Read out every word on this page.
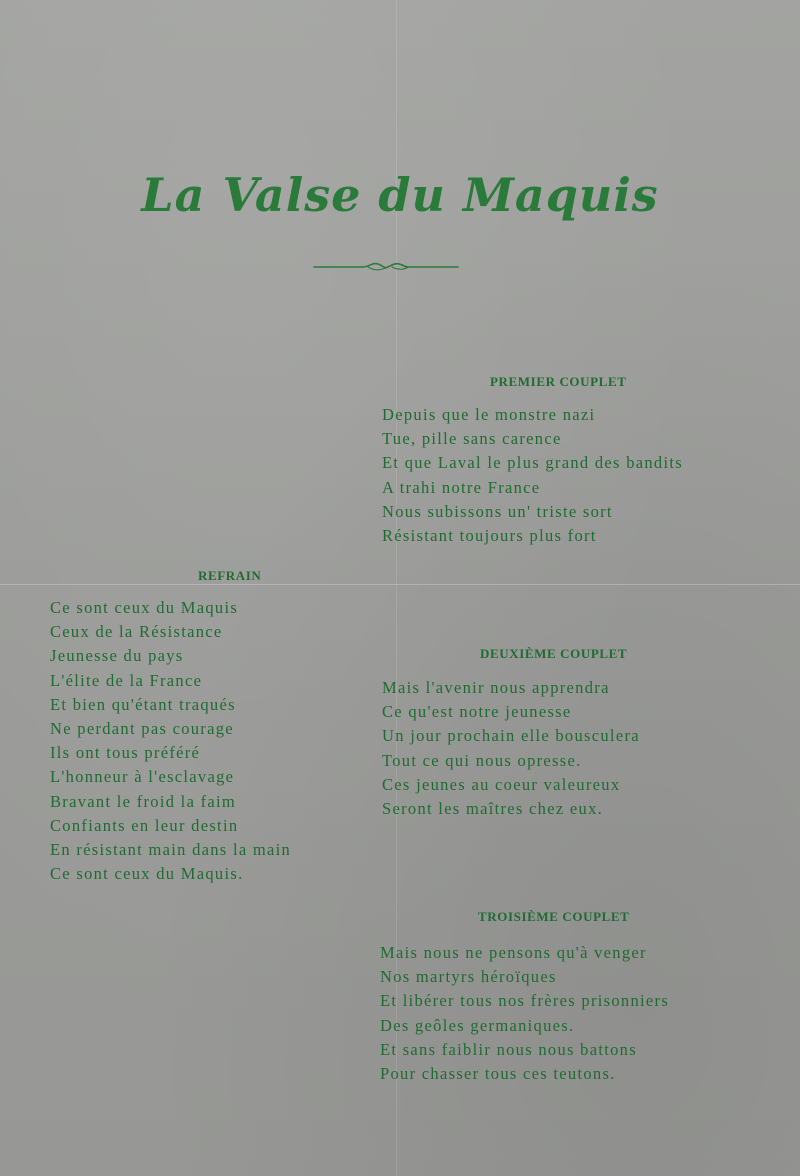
La Valse du Maquis
PREMIER COUPLET
Depuis que le monstre nazi
Tue, pille sans carence
Et que Laval le plus grand des bandits
A trahi notre France
Nous subissons un' triste sort
Résistant toujours plus fort
REFRAIN
Ce sont ceux du Maquis
Ceux de la Résistance
Jeunesse du pays
L'élite de la France
Et bien qu'étant traqués
Ne perdant pas courage
Ils ont tous préféré
L'honneur à l'esclavage
Bravant le froid la faim
Confiants en leur destin
En résistant main dans la main
Ce sont ceux du Maquis.
DEUXIÈME COUPLET
Mais l'avenir nous apprendra
Ce qu'est notre jeunesse
Un jour prochain elle bousculera
Tout ce qui nous opresse.
Ces jeunes au coeur valeureux
Seront les maîtres chez eux.
TROISIÈME COUPLET
Mais nous ne pensons qu'à venger
Nos martyrs héroïques
Et libérer tous nos frères prisonniers
Des geôles germaniques.
Et sans faiblir nous nous battons
Pour chasser tous ces teutons.
